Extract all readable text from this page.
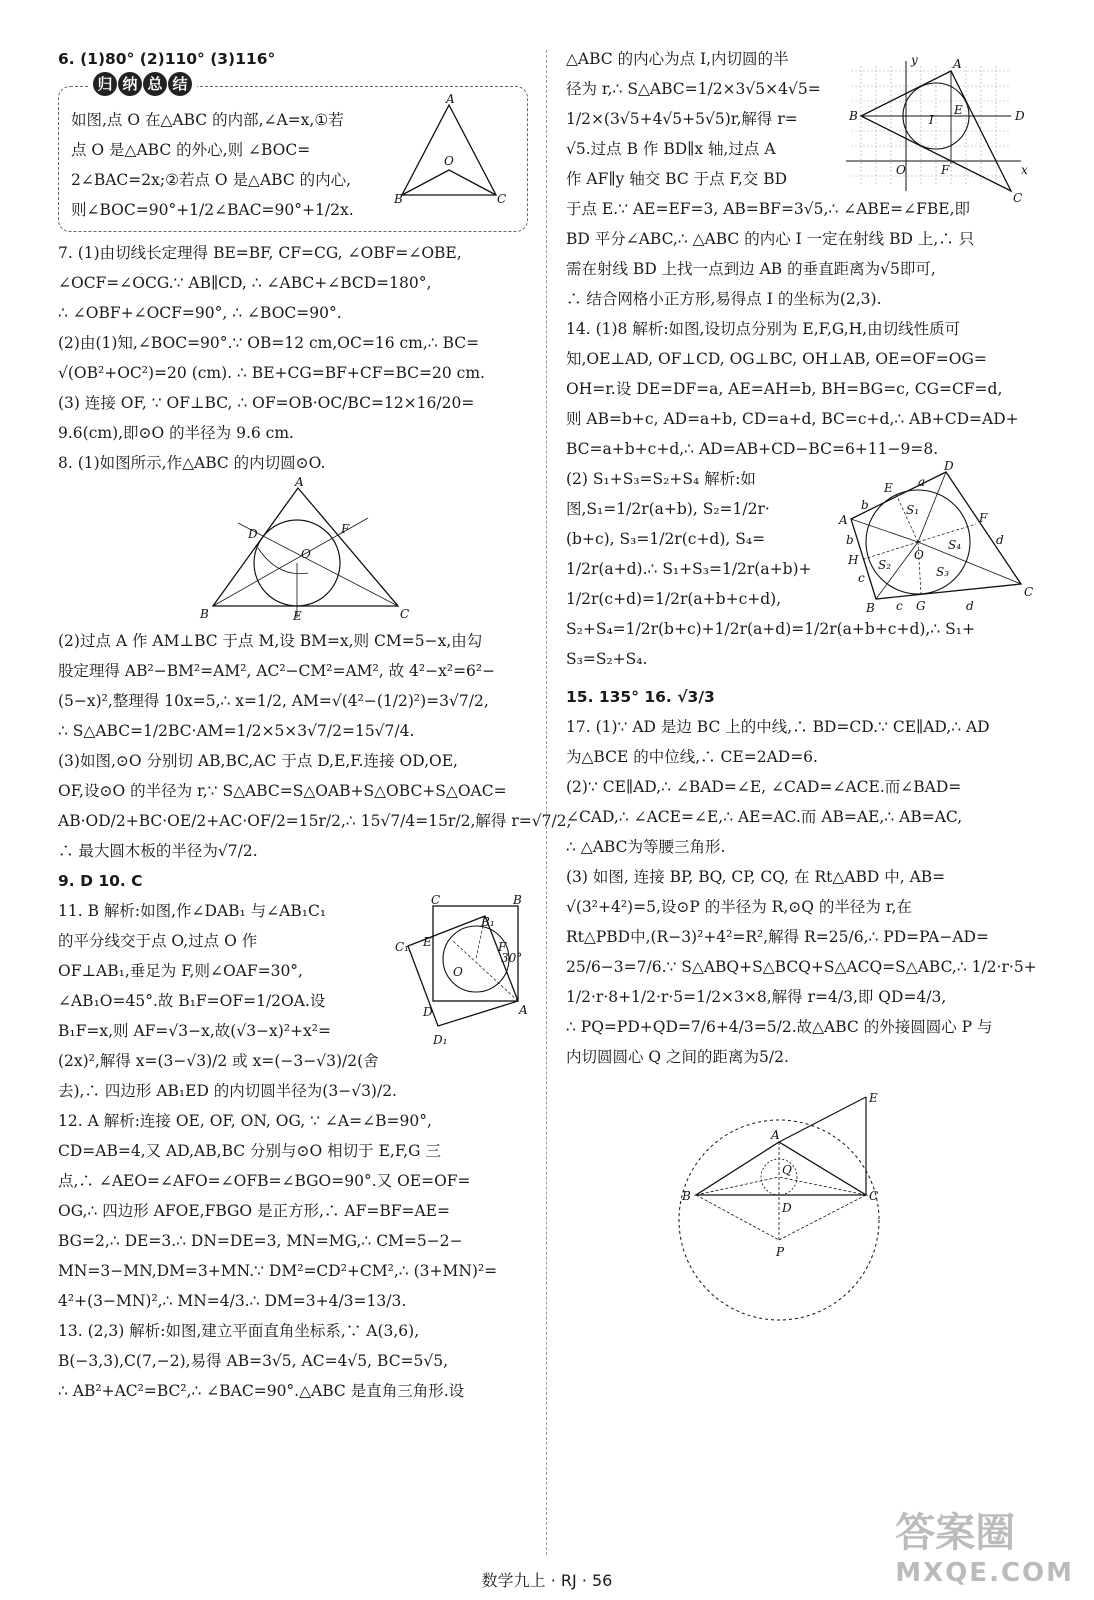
6. (1)80° (2)110° (3)116°
归 纳 总 结
如图,点 O 在△ABC 的内部,∠A=x,①若
点 O 是△ABC 的外心,则 ∠BOC=
2∠BAC=2x;②若点 O 是△ABC 的内心,
则∠BOC=90°+1/2∠BAC=90°+1/2x.
A
B	C
O
7. (1)由切线长定理得 BE=BF, CF=CG, ∠OBF=∠OBE,
∠OCF=∠OCG.∵ AB∥CD, ∴ ∠ABC+∠BCD=180°,
∴ ∠OBF+∠OCF=90°, ∴ ∠BOC=90°.
(2)由(1)知,∠BOC=90°.∵ OB=12 cm,OC=16 cm,∴ BC=
√(OB²+OC²)=20 (cm). ∴ BE+CG=BF+CF=BC=20 cm.
(3) 连接 OF, ∵ OF⊥BC, ∴ OF=OB·OC/BC=12×16/20=
9.6(cm),即⊙O 的半径为 9.6 cm.
8. (1)如图所示,作△ABC 的内切圆⊙O.
A
B	C
D
E
F
O
(2)过点 A 作 AM⊥BC 于点 M,设 BM=x,则 CM=5−x,由勾
股定理得 AB²−BM²=AM², AC²−CM²=AM², 故 4²−x²=6²−
(5−x)²,整理得 10x=5,∴ x=1/2, AM=√(4²−(1/2)²)=3√7/2,
∴ S△ABC=1/2BC·AM=1/2×5×3√7/2=15√7/4.
(3)如图,⊙O 分别切 AB,BC,AC 于点 D,E,F.连接 OD,OE,
OF,设⊙O 的半径为 r,∵ S△ABC=S△OAB+S△OBC+S△OAC=
AB·OD/2+BC·OE/2+AC·OF/2=15r/2,∴ 15√7/4=15r/2,解得 r=√7/2,
∴ 最大圆木板的半径为√7/2.
9. D 10. C
11. B 解析:如图,作∠DAB₁ 与∠AB₁C₁
的平分线交于点 O,过点 O 作
OF⊥AB₁,垂足为 F,则∠OAF=30°,
∠AB₁O=45°.故 B₁F=OF=1/2OA.设
B₁F=x,则 AF=√3−x,故(√3−x)²+x²=
(2x)²,解得 x=(3−√3)/2 或 x=(−3−√3)/2(舍
去),∴ 四边形 AB₁ED 的内切圆半径为(3−√3)/2.
C	B
B₁
E
C₁
O
F
30°
D	A
D₁
12. A 解析:连接 OE, OF, ON, OG, ∵ ∠A=∠B=90°,
CD=AB=4,又 AD,AB,BC 分别与⊙O 相切于 E,F,G 三
点,∴ ∠AEO=∠AFO=∠OFB=∠BGO=90°.又 OE=OF=
OG,∴ 四边形 AFOE,FBGO 是正方形,∴ AF=BF=AE=
BG=2,∴ DE=3.∴ DN=DE=3, MN=MG,∴ CM=5−2−
MN=3−MN,DM=3+MN.∵ DM²=CD²+CM²,∴ (3+MN)²=
4²+(3−MN)²,∴ MN=4/3.∴ DM=3+4/3=13/3.
13. (2,3) 解析:如图,建立平面直角坐标系,∵ A(3,6),
B(−3,3),C(7,−2),易得 AB=3√5, AC=4√5, BC=5√5,
∴ AB²+AC²=BC²,∴ ∠BAC=90°.△ABC 是直角三角形.设
△ABC 的内心为点 I,内切圆的半
径为 r,∴ S△ABC=1/2×3√5×4√5=
1/2×(3√5+4√5+5√5)r,解得 r=
√5.过点 B 作 BD∥x 轴,过点 A
作 AF∥y 轴交 BC 于点 F,交 BD
于点 E.∵ AE=EF=3, AB=BF=3√5,∴ ∠ABE=∠FBE,即
BD 平分∠ABC,∴ △ABC 的内心 I 一定在射线 BD 上,∴ 只
需在射线 BD 上找一点到边 AB 的垂直距离为√5即可,
∴ 结合网格小正方形,易得点 I 的坐标为(2,3).
y	A
B	D
E
I
F
O	x
C
14. (1)8 解析:如图,设切点分别为 E,F,G,H,由切线性质可
知,OE⊥AD, OF⊥CD, OG⊥BC, OH⊥AB, OE=OF=OG=
OH=r.设 DE=DF=a, AE=AH=b, BH=BG=c, CG=CF=d,
则 AB=b+c, AD=a+b, CD=a+d, BC=c+d,∴ AB+CD=AD+
BC=a+b+c+d,∴ AD=AB+CD−BC=6+11−9=8.
(2) S₁+S₃=S₂+S₄ 解析:如
图,S₁=1/2r(a+b), S₂=1/2r·
(b+c), S₃=1/2r(c+d), S₄=
1/2r(a+d).∴ S₁+S₃=1/2r(a+b)+
1/2r(c+d)=1/2r(a+b+c+d),
S₂+S₄=1/2r(b+c)+1/2r(a+d)=1/2r(a+b+c+d),∴ S₁+
S₃=S₂+S₄.
D
a
E
F
A
S₁
b
S₄
b
O
H S₂	S₃
c
d
B	G
C
c	d
15. 135° 16. √3/3
17. (1)∵ AD 是边 BC 上的中线,∴ BD=CD.∵ CE∥AD,∴ AD
为△BCE 的中位线,∴ CE=2AD=6.
(2)∵ CE∥AD,∴ ∠BAD=∠E, ∠CAD=∠ACE.而∠BAD=
∠CAD,∴ ∠ACE=∠E,∴ AE=AC.而 AB=AE,∴ AB=AC,
∴ △ABC为等腰三角形.
(3) 如图, 连接 BP, BQ, CP, CQ, 在 Rt△ABD 中, AB=
√(3²+4²)=5,设⊙P 的半径为 R,⊙Q 的半径为 r,在
Rt△PBD中,(R−3)²+4²=R²,解得 R=25/6,∴ PD=PA−AD=
25/6−3=7/6.∵ S△ABQ+S△BCQ+S△ACQ=S△ABC,∴ 1/2·r·5+
1/2·r·8+1/2·r·5=1/2×3×8,解得 r=4/3,即 QD=4/3,
∴ PQ=PD+QD=7/6+4/3=5/2.故△ABC 的外接圆圆心 P 与
内切圆圆心 Q 之间的距离为5/2.
E
A
Q
B	C
D
P
数学九上 · RJ · 56
答案圈
MXQE.COM
